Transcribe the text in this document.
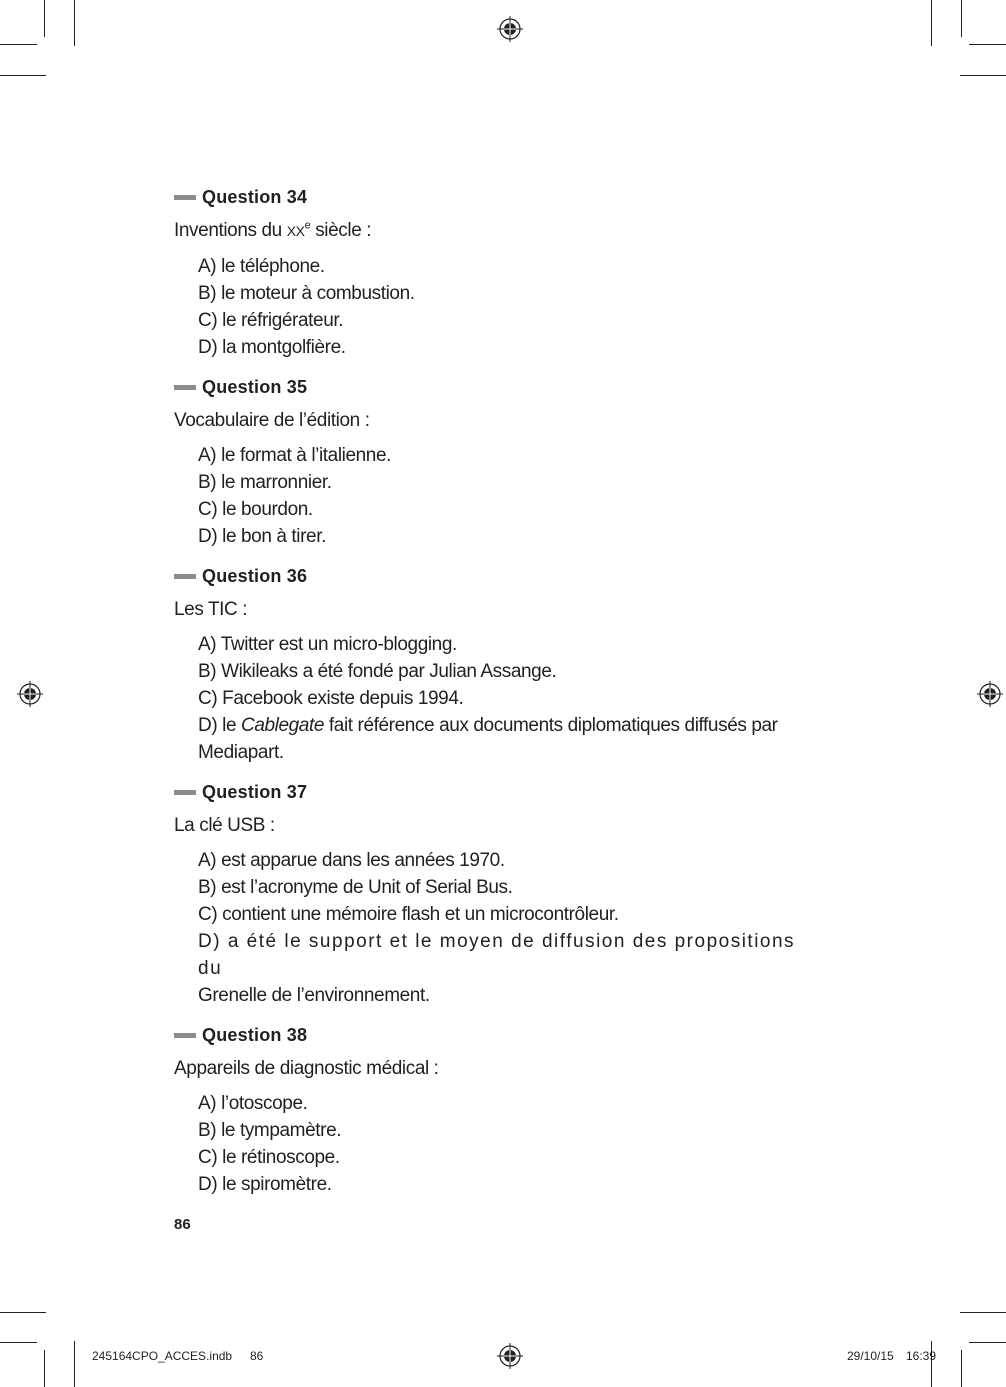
Question 34
Inventions du XXe siècle :
A) le téléphone.
B) le moteur à combustion.
C) le réfrigérateur.
D) la montgolfière.
Question 35
Vocabulaire de l’édition :
A) le format à l’italienne.
B) le marronnier.
C) le bourdon.
D) le bon à tirer.
Question 36
Les TIC :
A) Twitter est un micro-blogging.
B) Wikileaks a été fondé par Julian Assange.
C) Facebook existe depuis 1994.
D) le Cablegate fait référence aux documents diplomatiques diffusés par Mediapart.
Question 37
La clé USB :
A) est apparue dans les années 1970.
B) est l’acronyme de Unit of Serial Bus.
C) contient une mémoire flash et un microcontrôleur.
D) a été le support et le moyen de diffusion des propositions du
Grenelle de l’environnement.
Question 38
Appareils de diagnostic médical :
A) l’otoscope.
B) le tympamètre.
C) le rétinoscope.
D) le spiromètre.
86
245164CPO_ACCES.indb 86	29/10/15 16:39
